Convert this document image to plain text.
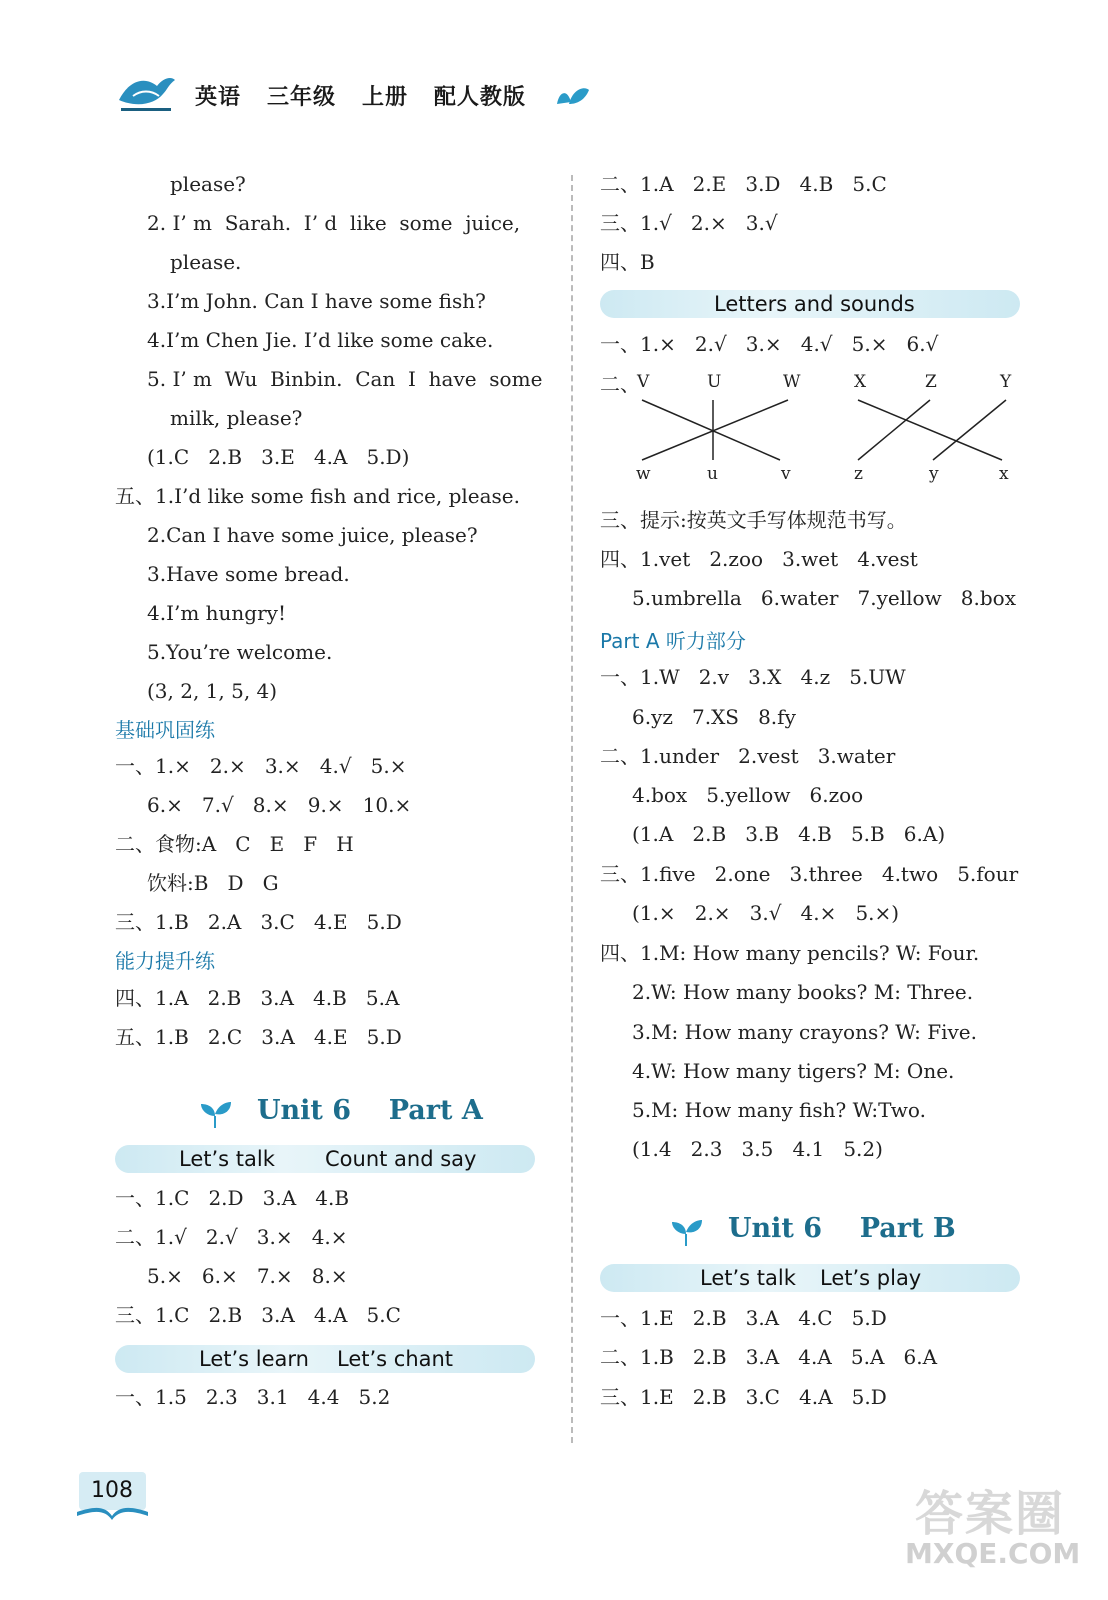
英语   三年级   上册   配人教版
please?
2. I’ m  Sarah.  I’ d  like  some  juice,
please.
3.I’m John. Can I have some fish?
4.I’m Chen Jie. I’d like some cake.
5. I’ m  Wu  Binbin.  Can  I  have  some
milk, please?
(1.C   2.B   3.E   4.A   5.D)
五、1.I’d like some fish and rice, please.
2.Can I have some juice, please?
3.Have some bread.
4.I’m hungry!
5.You’re welcome.
(3, 2, 1, 5, 4)
基础巩固练
一、1.×   2.×   3.×   4.√   5.×
6.×   7.√   8.×   9.×   10.×
二、食物:A   C   E   F   H
饮料:B   D   G
三、1.B   2.A   3.C   4.E   5.D
能力提升练
四、1.A   2.B   3.A   4.B   5.A
五、1.B   2.C   3.A   4.E   5.D
Unit 6    Part A
Let’s talk Count and say
一、1.C   2.D   3.A   4.B
二、1.√   2.√   3.×   4.×
5.×   6.×   7.×   8.×
三、1.C   2.B   3.A   4.A   5.C
Let’s learn Let’s chant
一、1.5   2.3   3.1   4.4   5.2
二、1.A   2.E   3.D   4.B   5.C
三、1.√   2.×   3.√
四、B
Letters and sounds
一、1.×   2.√   3.×   4.√   5.×   6.√
二、
V	U	W	X	Z	Y
w	u	v	z	y	x
三、提示:按英文手写体规范书写。
四、1.vet   2.zoo   3.wet   4.vest
5.umbrella   6.water   7.yellow   8.box
Part A 听力部分
一、1.W   2.v   3.X   4.z   5.UW
6.yz   7.XS   8.fy
二、1.under   2.vest   3.water
4.box   5.yellow   6.zoo
(1.A   2.B   3.B   4.B   5.B   6.A)
三、1.five   2.one   3.three   4.two   5.four
(1.×   2.×   3.√   4.×   5.×)
四、1.M: How many pencils? W: Four.
2.W: How many books? M: Three.
3.M: How many crayons? W: Five.
4.W: How many tigers? M: One.
5.M: How many fish? W:Two.
(1.4   2.3   3.5   4.1   5.2)
Unit 6    Part B
Let’s talk Let’s play
一、1.E   2.B   3.A   4.C   5.D
二、1.B   2.B   3.A   4.A   5.A   6.A
三、1.E   2.B   3.C   4.A   5.D
108	答案圈
MXQE.COM
